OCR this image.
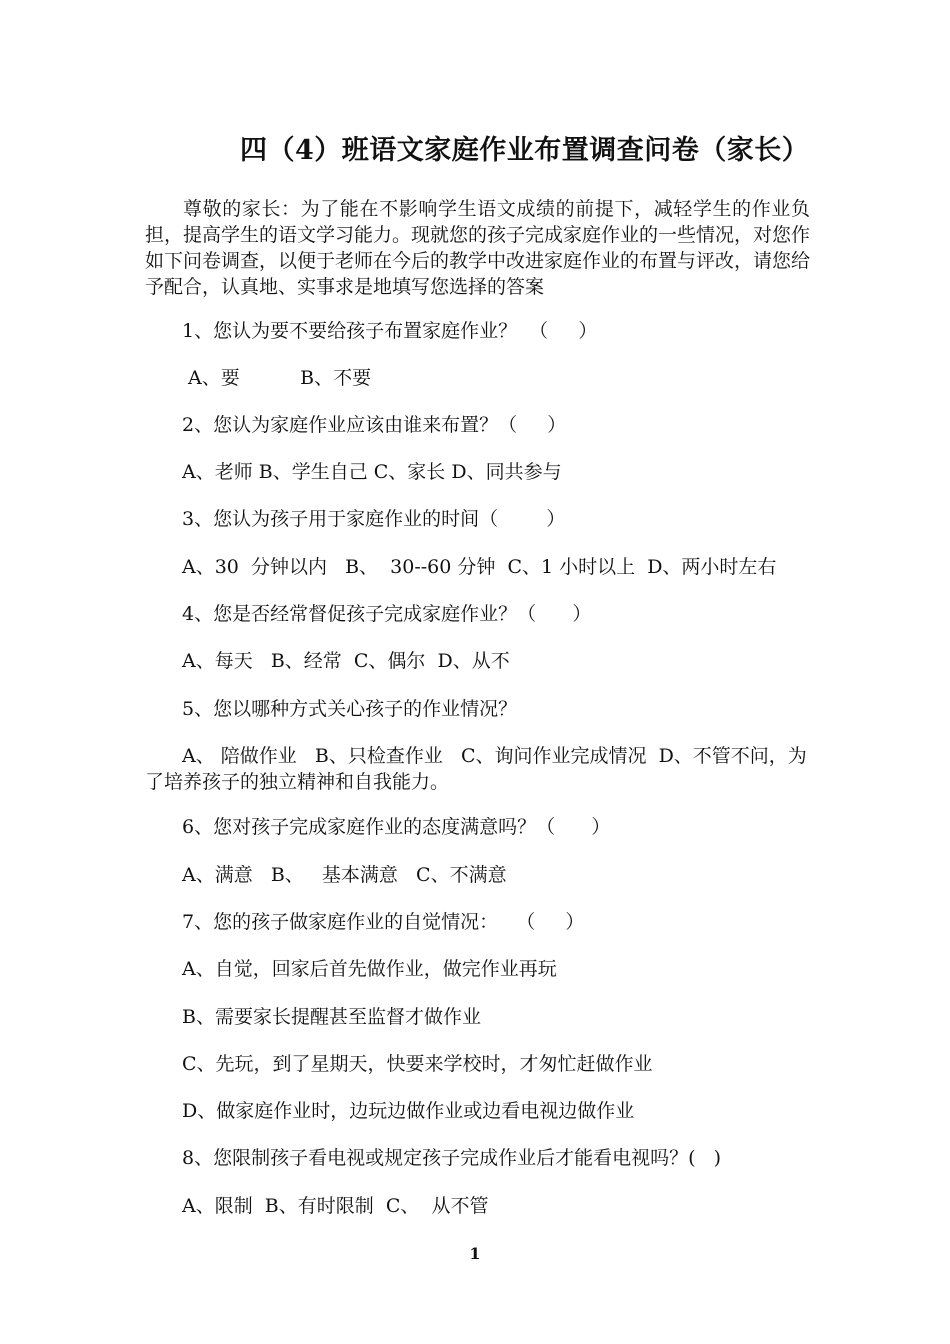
四（4）班语文家庭作业布置调查问卷（家长）
尊敬的家长：为了能在不影响学生语文成绩的前提下，减轻学生的作业负担，提高学生的语文学习能力。现就您的孩子完成家庭作业的一些情况，对您作如下问卷调查，以便于老师在今后的教学中改进家庭作业的布置与评改，请您给予配合，认真地、实事求是地填写您选择的答案
1、您认为要不要给孩子布置家庭作业？  （     ）
A、要          B、不要
2、您认为家庭作业应该由谁来布置？（     ）
A、老师 B、学生自己 C、家长 D、同共参与
3、您认为孩子用于家庭作业的时间（        ）
A、30  分钟以内   B、  30--60 分钟  C、1 小时以上  D、两小时左右
4、您是否经常督促孩子完成家庭作业？（      ）
A、每天   B、经常  C、偶尔  D、从不
5、您以哪种方式关心孩子的作业情况？
A、 陪做作业   B、只检查作业   C、询问作业完成情况  D、不管不问，为了培养孩子的独立精神和自我能力。
6、您对孩子完成家庭作业的态度满意吗？（      ）
A、满意   B、   基本满意   C、不满意
7、您的孩子做家庭作业的自觉情况：   （     ）
A、自觉，回家后首先做作业，做完作业再玩
B、需要家长提醒甚至监督才做作业
C、先玩，到了星期天，快要来学校时，才匆忙赶做作业
D、做家庭作业时，边玩边做作业或边看电视边做作业
8、您限制孩子看电视或规定孩子完成作业后才能看电视吗？(   )
A、限制  B、有时限制  C、  从不管
1
